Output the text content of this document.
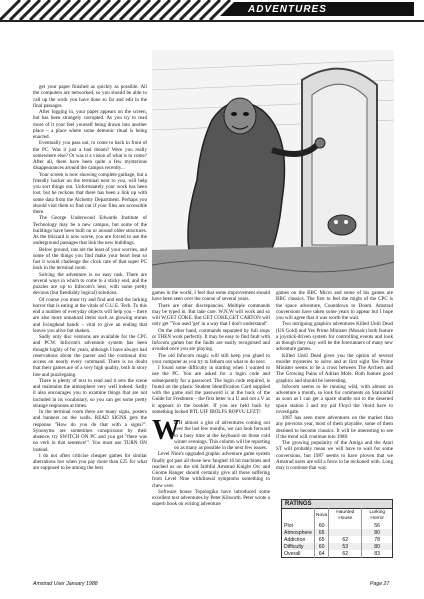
ADVENTURES

get your paper finished as quickly as possible. All the computers are networked, so you should be able to call up the work you have done so far and edit in the final passages.

After logging in, your paper appears on the screen, but has been strangely corrupted. As you try to read more of it your feel yourself being drawn into another place – a place where some demonic ritual is being enacted.

Eventually you pass out, to come to back in front of the PC. Was it just a bad dream? Were you really somewhere else? Or was it a vision of what is to come? After all, there have been quite a few mysterious disappearances around the campus recently...

Your screen is now showing complete garbage, but a friendly hacker on the terminal next to you, will help you sort things out. Unfortunately your work has been lost, but he reckons that there has been a link up with some data from the Alchemy Department. Perhaps you should visit them to find out if your files are accessible there.

The George Underwood Edwards Institute of Technology may be a new campus, but some of the buildings have been built on or around older structures. As the blizzard is now worse, you are forced to use the underground passages that link the new buildings.

Below ground, rats are the least of your worries, and some of the things you find make your heart beat so fast it would challenge the clock rate of that super PC back in the terminal room.

Solving the adventure is no easy task. There are several ways in which to come to a sticky end, and the puzzles are up to Infocom's best, with some pretty devious (but fiendishly logical) solutions.

Of course you must try and find and end the lurking horror that is eating at the vitals of G.U.E. Tech. To this end a number of everyday objects will help you – there are also more unnatural items such as glowing stones and livingdead hands – vital to give an ending that leaves you alive but shaken.

Sadly only disc versions are available for the CPC and PCW. Infocom's adventure system has been thought highly of for years, although I have always had reservations about the parser and the continual disc access on nearly every command. There is no doubt that their games are of a very high quality, both in story line and puzzlegaing.

There is plenty of text to read and it sets the scene and maintains the atmosphere very well indeed. Sadly it also encourages you to examine things that are not included in its vocabulary, so you can get some pretty strange responses at times.

In the terminal room there are many signs, posters and banners on the walls. READ SIGNS gets the response "How do you do that with a signs?". Synonyms are sometimes conspicuous by their absence, try SWITCH ON PC and you get "there was no verb in that sentence!". You must use TURN ON instead.

I do not often criticise cheaper games for similar aberrations but when you pay more than £25 for what are supposed to be among the best

games in the world, I feel that some improvement should have been seen over the course of several years.

There are other discrepancies. Multiple commands may be typed in. But take care: W,N,W will work and so will W,GET COKE. But GET COKE,GET CARTON will only get "You used 'get' in a way that I don't understand".

On the other hand, commands separated by full stops or THEN work perfectly. It may be easy to find fault with Infocom games but the faults are easily recognised and avoided once you are playing.

The old Infocom magic will still keep you glued to your computer as you try to fathom out what to do next.

I found some difficulty in starting when I wanted to use the PC. You are asked for a login code and subsequently for a password. The login code required, is found on the plastic Student Identification Card supplied with the game and the password is at the back of the Guide for Freshmen – the first letter is a U and not a V as it appears in the booklet. If you are held back by something locked BTL UIF IBOLFS BOPVU LFZT!

W

ITH almost a glut of adventures coming out over the last few months, we can look forward to a busy time at the keyboard on those cold winter evenings. This column will be reporting on as many as possible in the next few issues.

Level Nine's upgraded graphic adventure game system finally got past all those new fangled 16 bit machines and reached us on the old faithful Amstrad Knight Orc and Gnome Ranger should certainly give all those suffering from Level Nine withdrawal symptoms something to chew over.

Software house Topologika have introduced some excellent text adventures by Peter Kilworth. Peter wrote a superb book on writing adventure

games on the BBC Micro and some of his games are BBC classics. The first to feel the might of the CPC is the space adventure, Countdown to Doom. Amstrad conversions have taken some years to appear but I hope you will agree that it was worth the wait.

Two intriguing graphics adventures Killed Until Dead (US Gold) and Yes Prime Minister (Mosaic) both feature a joystick-driven system for controlling events and look as though they may well be the forerunners of many new adventure games.

Killed Until Dead gives you the option of several murder mysteries to solve and at first sight Yes Prime Minister seems to be a cross between The Archers and The Growing Pains of Adrian Mole. Both feature good graphics and should be interesting.

Infocom seems to be running wild, with almost an adventure a month, so look for comments on Stationfall as soon as I can get a space shuttle out to the deserted space station I and my pal Floyd the 'droid have to investigate.

1987 has seen more adventures on the market than any previous year, most of them playable, some of them destined to become classics. It will be interesting to see if the trend will continue into 1988.

The growing popularity of the Amiga and the Atari ST will probably mean we will have to wait for some conversions, but 1987 seems to have proven that we Amstrad users are still a force to be reckoned with. Long may it continue that way.

RATINGS
	Nova	Haunted House	Lurking Horror
Plot	60		56
Atmosphere	65		80
Addiction	65	62	78
Difficulty	60	53	80
Overall	64	62	83
Amstrad User January 1988	Page 27
